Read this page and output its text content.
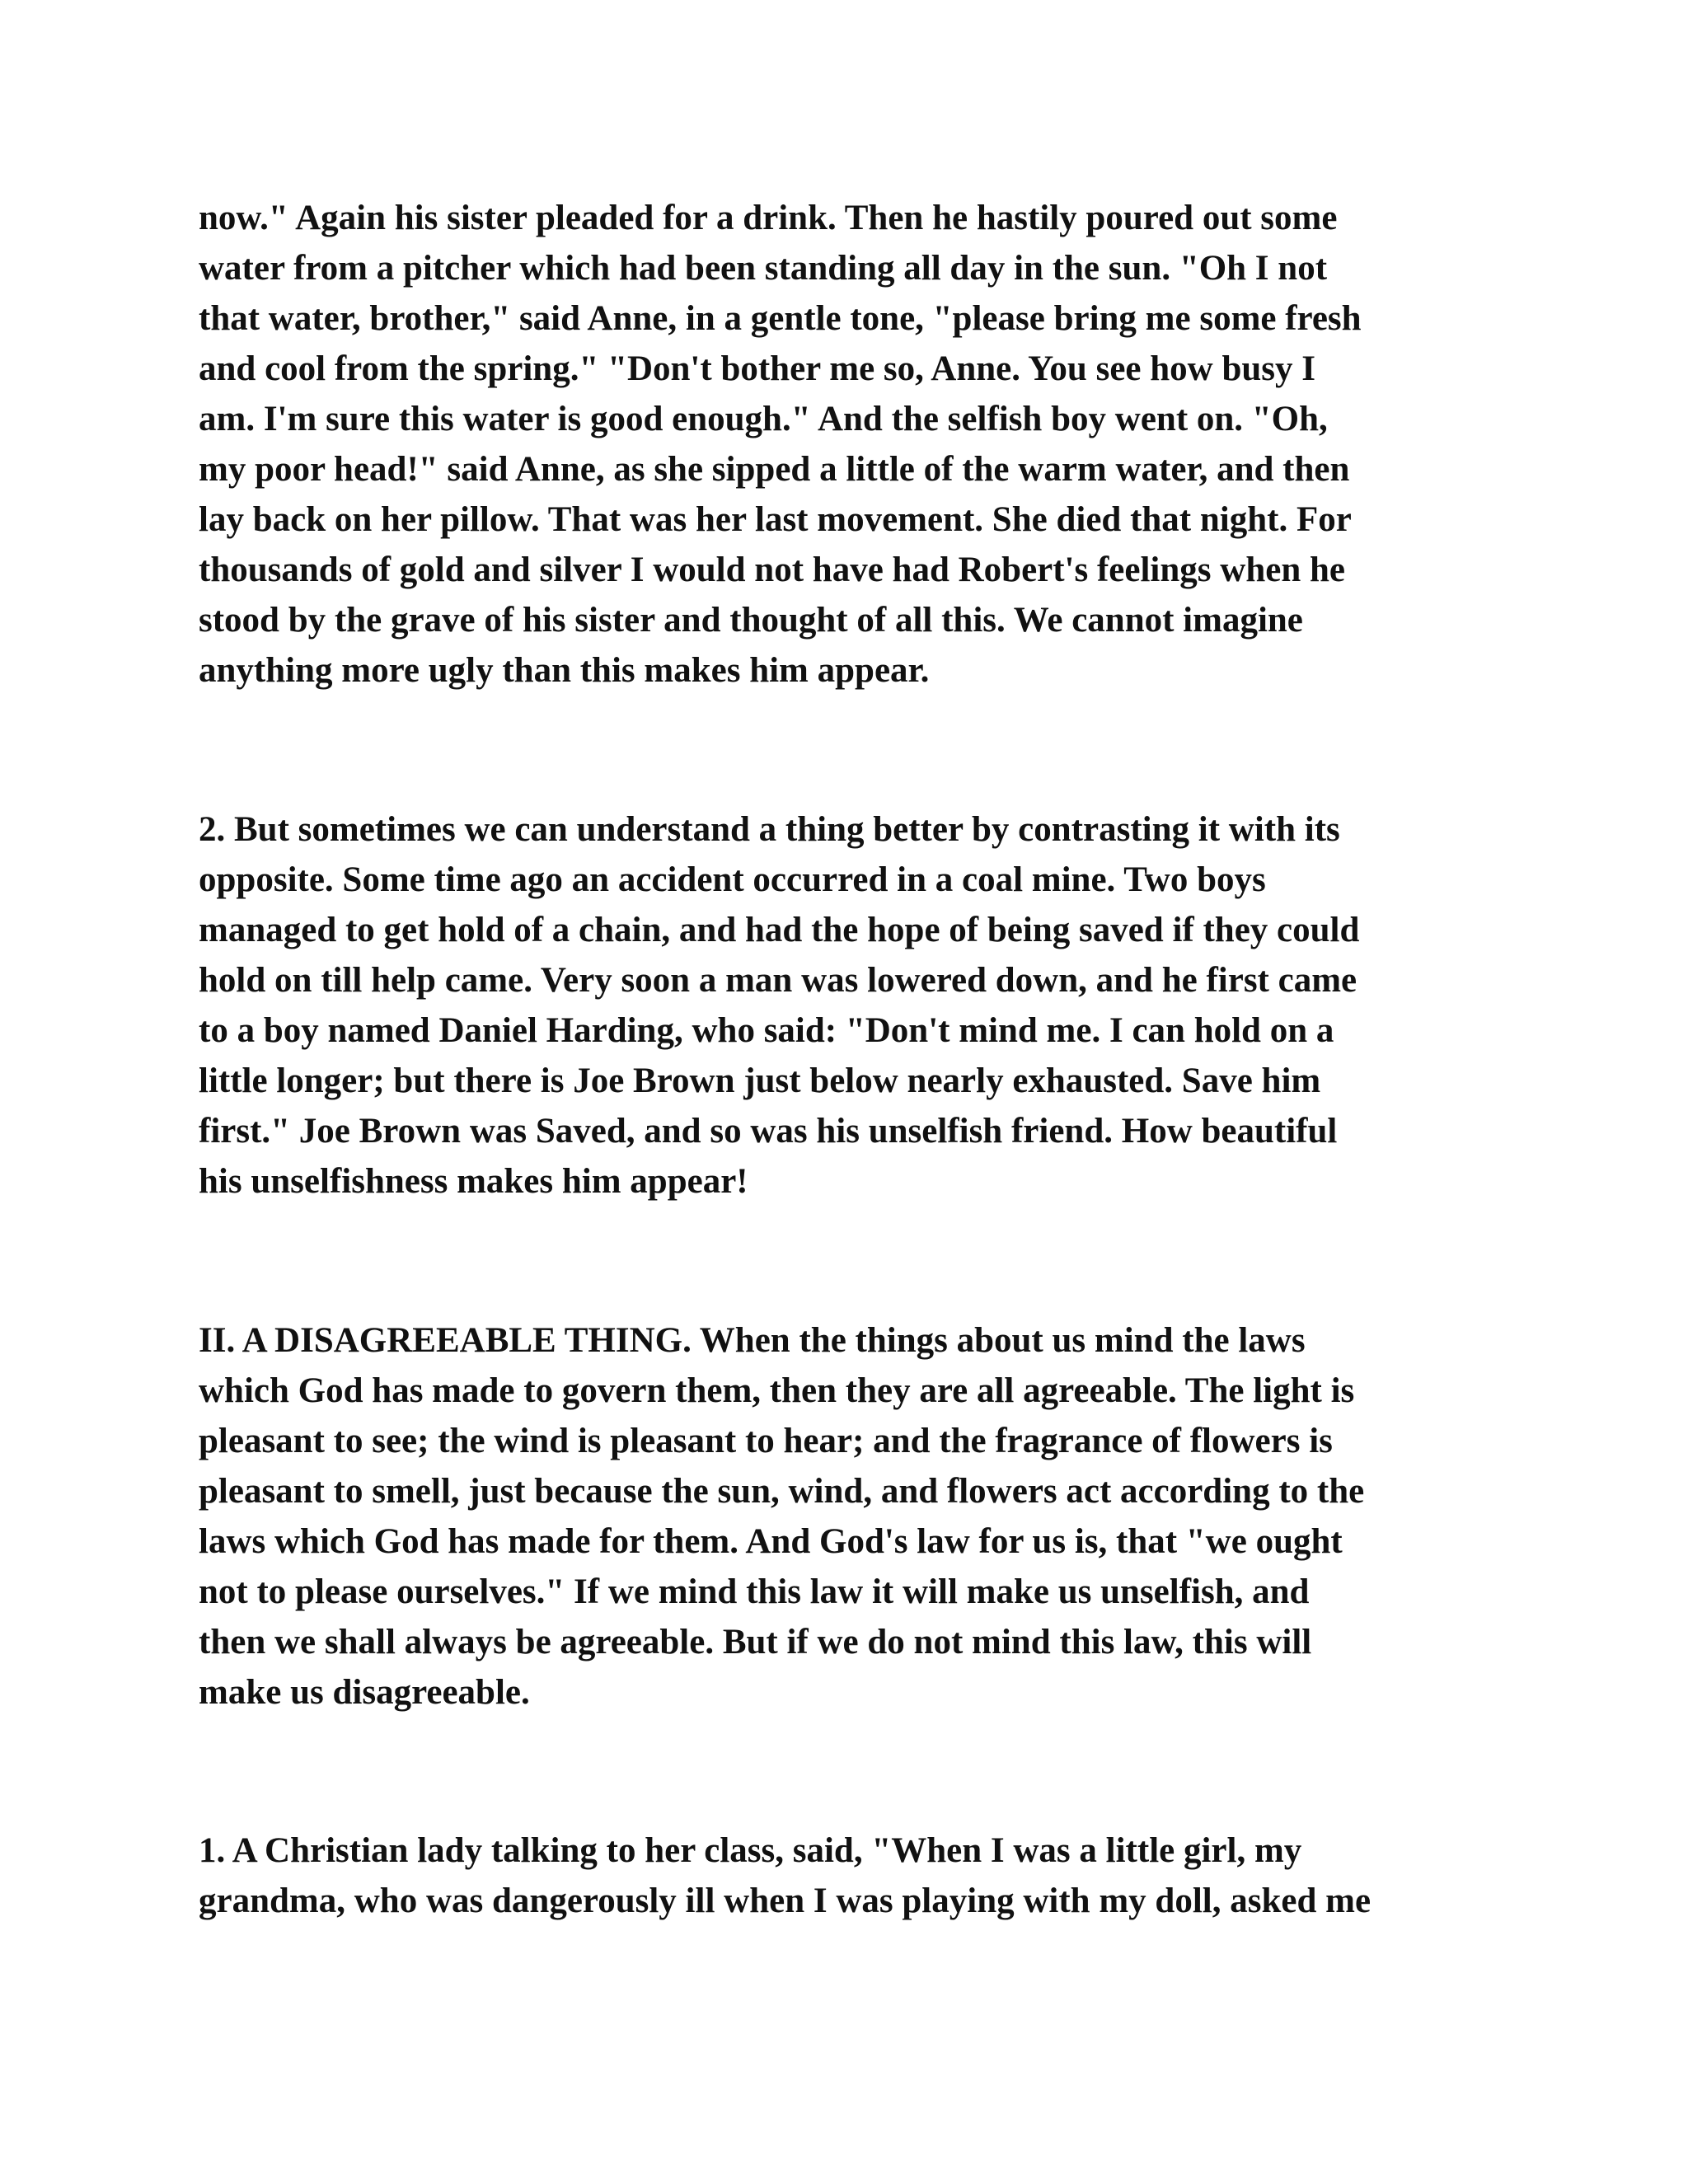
now." Again his sister pleaded for a drink. Then he hastily poured out some
water from a pitcher which had been standing all day in the sun. "Oh I not
that water, brother," said Anne, in a gentle tone, "please bring me some fresh
and cool from the spring." "Don't bother me so, Anne. You see how busy I
am. I'm sure this water is good enough." And the selfish boy went on. "Oh,
my poor head!" said Anne, as she sipped a little of the warm water, and then
lay back on her pillow. That was her last movement. She died that night. For
thousands of gold and silver I would not have had Robert's feelings when he
stood by the grave of his sister and thought of all this. We cannot imagine
anything more ugly than this makes him appear.
2. But sometimes we can understand a thing better by contrasting it with its
opposite. Some time ago an accident occurred in a coal mine. Two boys
managed to get hold of a chain, and had the hope of being saved if they could
hold on till help came. Very soon a man was lowered down, and he first came
to a boy named Daniel Harding, who said: "Don't mind me. I can hold on a
little longer; but there is Joe Brown just below nearly exhausted. Save him
first." Joe Brown was Saved, and so was his unselfish friend. How beautiful
his unselfishness makes him appear!
II. A DISAGREEABLE THING. When the things about us mind the laws
which God has made to govern them, then they are all agreeable. The light is
pleasant to see; the wind is pleasant to hear; and the fragrance of flowers is
pleasant to smell, just because the sun, wind, and flowers act according to the
laws which God has made for them. And God's law for us is, that "we ought
not to please ourselves." If we mind this law it will make us unselfish, and
then we shall always be agreeable. But if we do not mind this law, this will
make us disagreeable.
1. A Christian lady talking to her class, said, "When I was a little girl, my
grandma, who was dangerously ill when I was playing with my doll, asked me
